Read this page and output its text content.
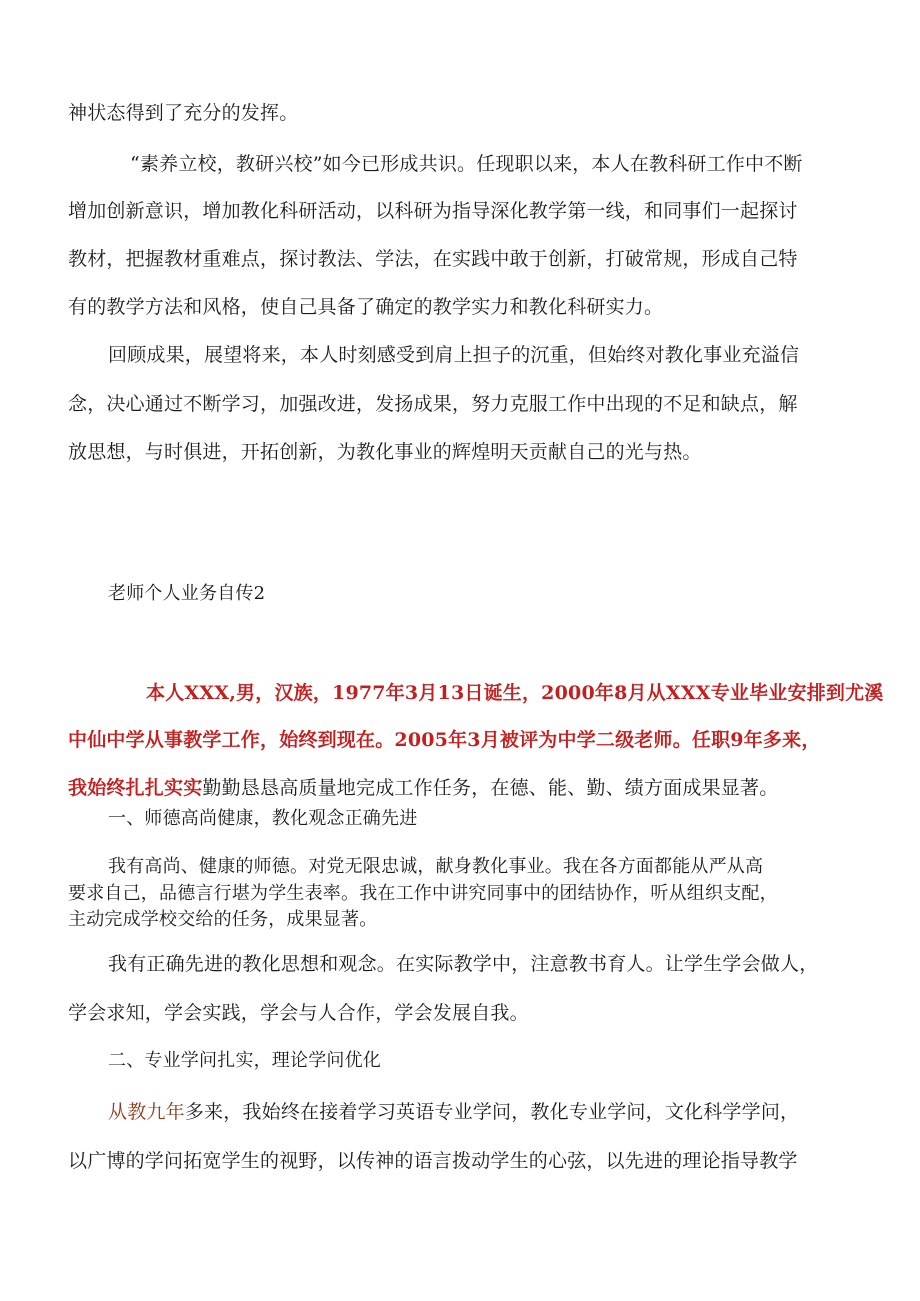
神状态得到了充分的发挥。
“素养立校，教研兴校”如今已形成共识。任现职以来，本人在教科研工作中不断
增加创新意识，增加教化科研活动，以科研为指导深化教学第一线，和同事们一起探讨
教材，把握教材重难点，探讨教法、学法，在实践中敢于创新，打破常规，形成自己特
有的教学方法和风格，使自己具备了确定的教学实力和教化科研实力。
回顾成果，展望将来，本人时刻感受到肩上担子的沉重，但始终对教化事业充溢信
念，决心通过不断学习，加强改进，发扬成果，努力克服工作中出现的不足和缺点，解
放思想，与时俱进，开拓创新，为教化事业的辉煌明天贡献自己的光与热。
老师个人业务自传2
本人XXX,男，汉族，1977年3月13日诞生，2000年8月从XXX专业毕业安排到尤溪
中仙中学从事教学工作，始终到现在。2005年3月被评为中学二级老师。任职9年多来，
我始终扎扎实实勤勤恳恳高质量地完成工作任务，在德、能、勤、绩方面成果显著。
一、师德高尚健康，教化观念正确先进
我有高尚、健康的师德。对党无限忠诚，献身教化事业。我在各方面都能从严从高
要求自己，品德言行堪为学生表率。我在工作中讲究同事中的团结协作，听从组织支配，
主动完成学校交给的任务，成果显著。
我有正确先进的教化思想和观念。在实际教学中，注意教书育人。让学生学会做人，
学会求知，学会实践，学会与人合作，学会发展自我。
二、专业学问扎实，理论学问优化
从教九年多来，我始终在接着学习英语专业学问，教化专业学问，文化科学学问，
以广博的学问拓宽学生的视野，以传神的语言拨动学生的心弦，以先进的理论指导教学
